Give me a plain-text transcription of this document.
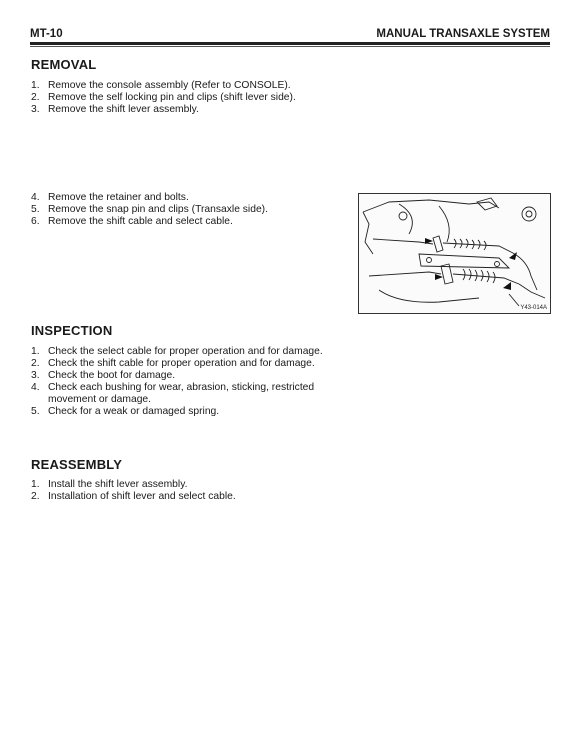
MT-10	MANUAL TRANSAXLE SYSTEM
REMOVAL
1. Remove the console assembly (Refer to CONSOLE).
2. Remove the self locking pin and clips (shift lever side).
3. Remove the shift lever assembly.
4. Remove the retainer and bolts.
5. Remove the snap pin and clips (Transaxle side).
6. Remove the shift cable and select cable.
Y43-014A
INSPECTION
1. Check the select cable for proper operation and for damage.
2. Check the shift cable for proper operation and for damage.
3. Check the boot for damage.
4. Check each bushing for wear, abrasion, sticking, restricted movement or damage.
5. Check for a weak or damaged spring.
REASSEMBLY
1. Install the shift lever assembly.
2. Installation of shift lever and select cable.
